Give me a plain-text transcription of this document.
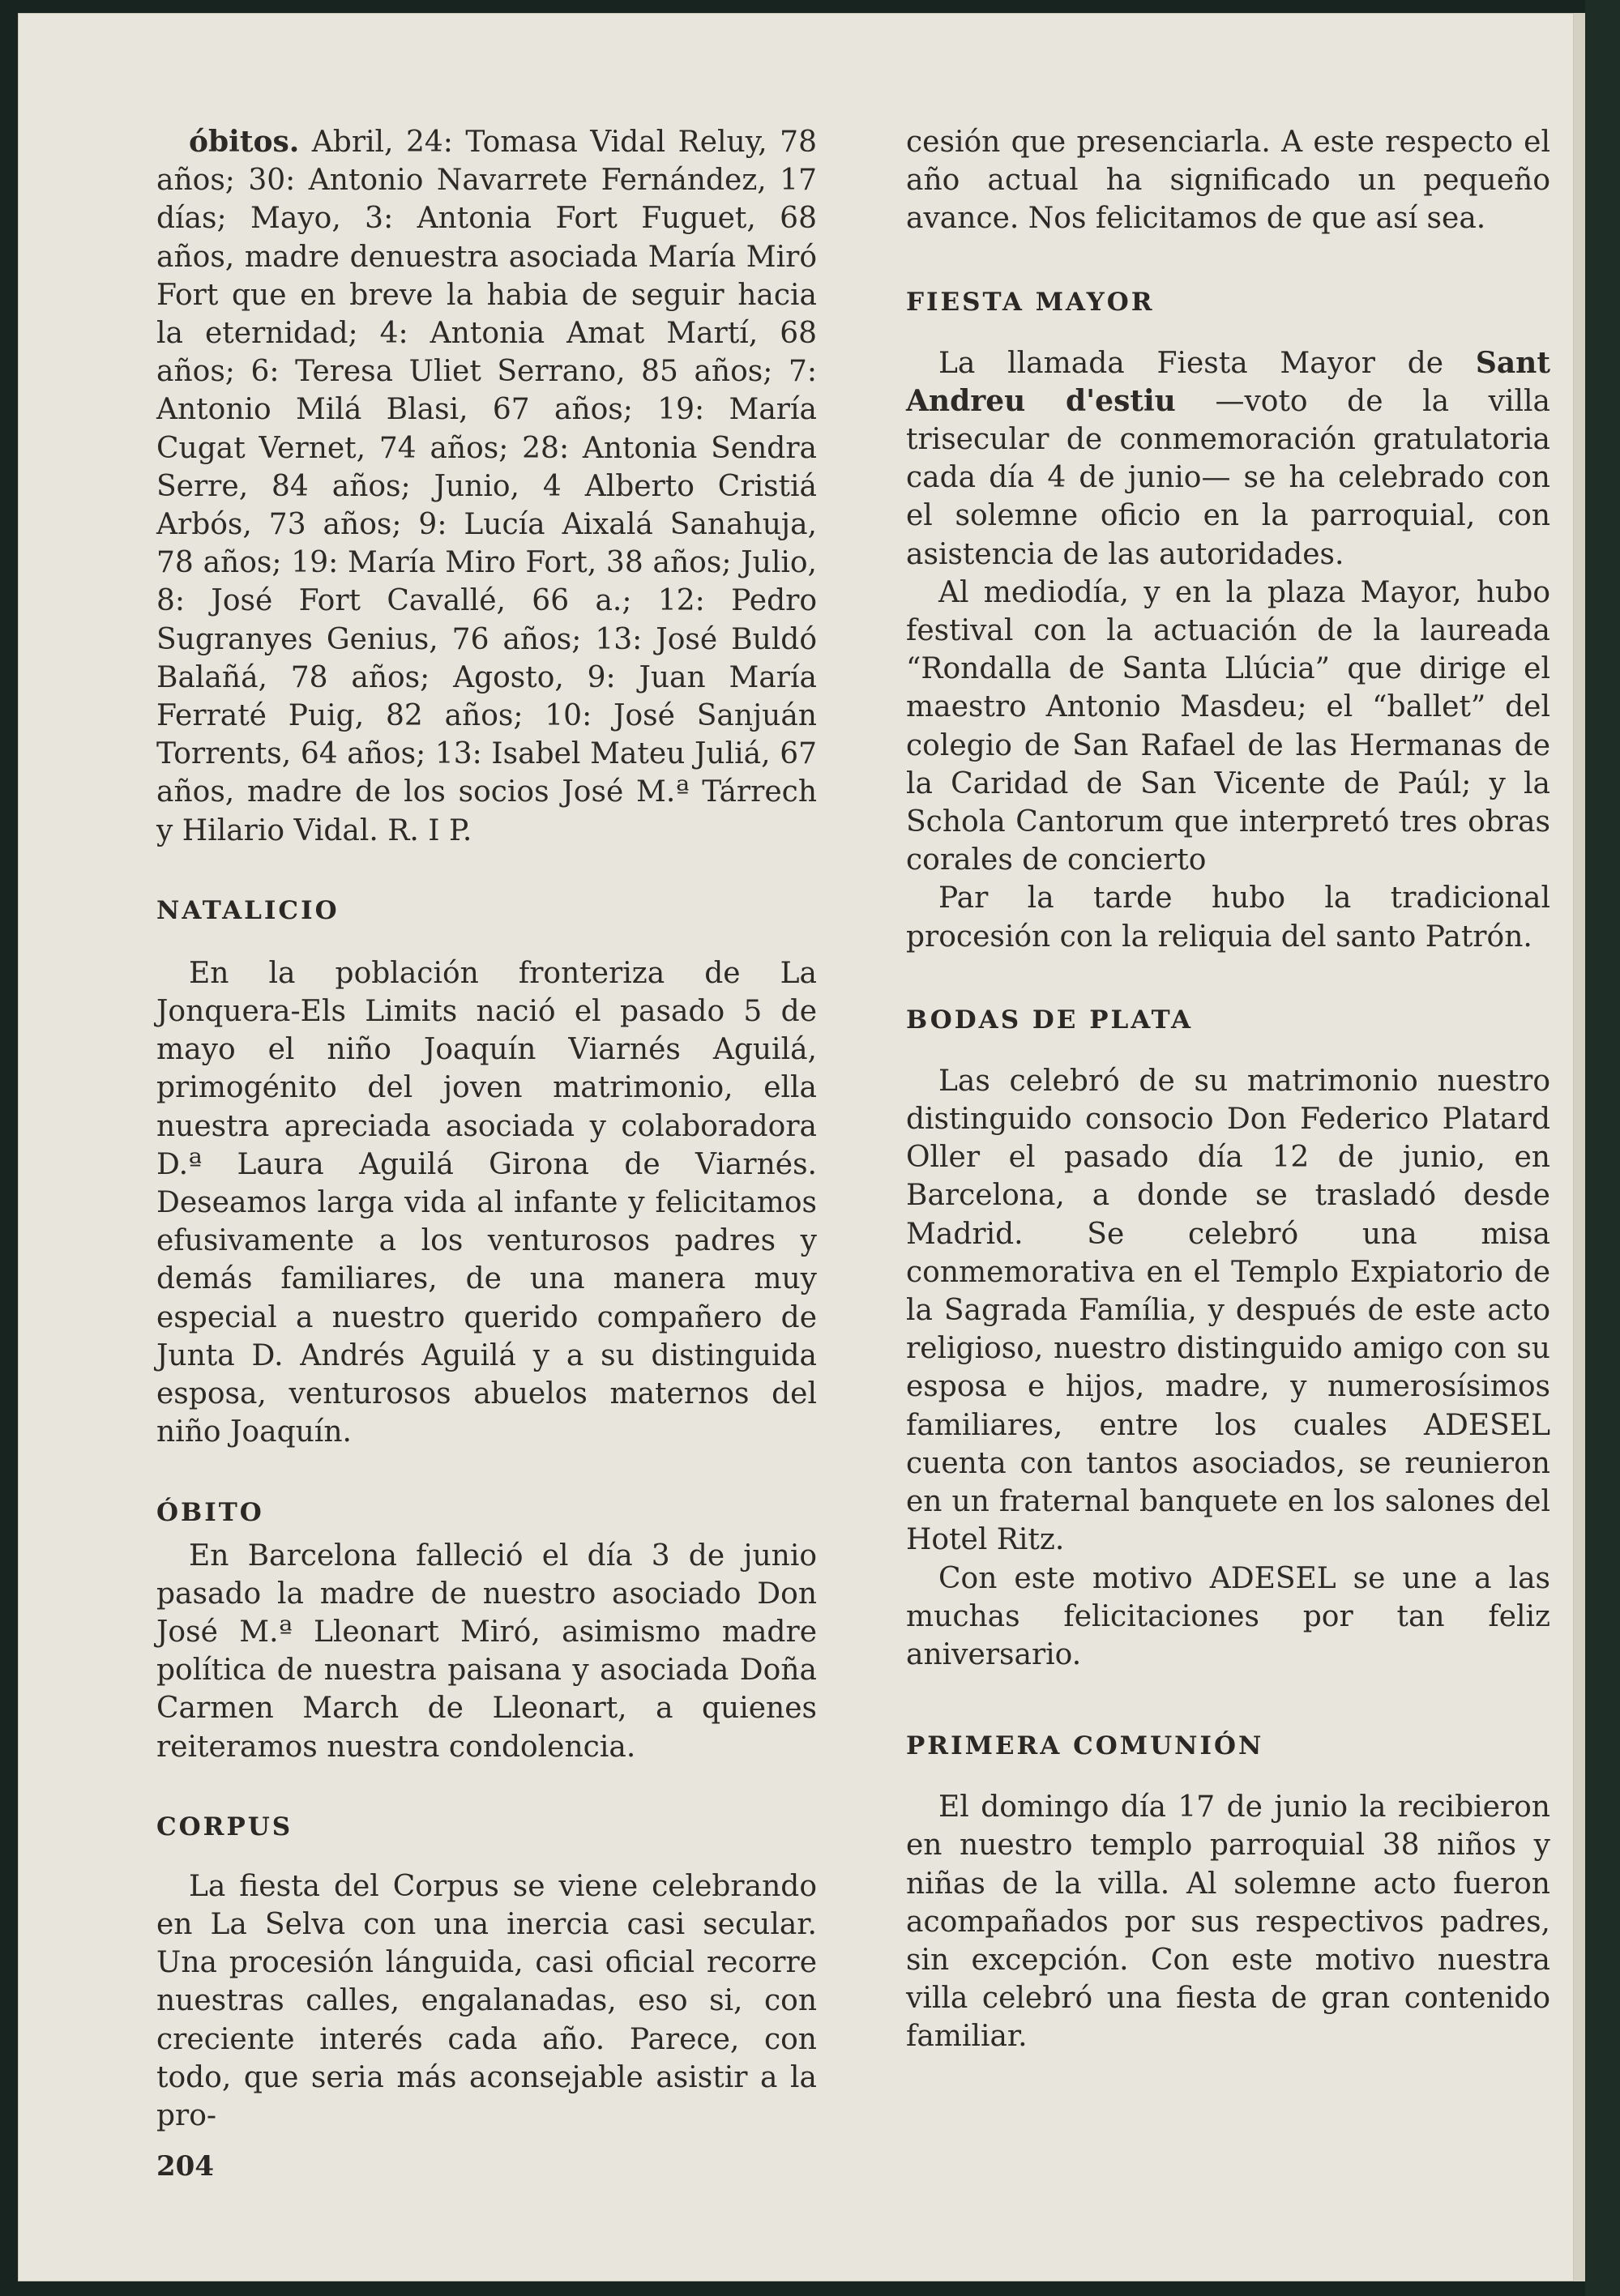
óbitos. Abril, 24: Tomasa Vidal Reluy, 78 años; 30: Antonio Navarrete Fernández, 17 días; Mayo, 3: Antonia Fort Fuguet, 68 años, madre denuestra asociada María Miró Fort que en breve la habia de seguir hacia la eternidad; 4: Antonia Amat Martí, 68 años; 6: Teresa Uliet Serrano, 85 años; 7: Antonio Milá Blasi, 67 años; 19: María Cugat Vernet, 74 años; 28: Antonia Sendra Serre, 84 años; Junio, 4 Alberto Cristiá Arbós, 73 años; 9: Lucía Aixalá Sanahuja, 78 años; 19: María Miro Fort, 38 años; Julio, 8: José Fort Cavallé, 66 a.; 12: Pedro Sugranyes Genius, 76 años; 13: José Buldó Balañá, 78 años; Agosto, 9: Juan María Ferraté Puig, 82 años; 10: José Sanjuán Torrents, 64 años; 13: Isabel Mateu Juliá, 67 años, madre de los socios José M.ª Tárrech y Hilario Vidal. R. I P.

NATALICIO

En la población fronteriza de La Jonquera-Els Limits nació el pasado 5 de mayo el niño Joaquín Viarnés Aguilá, primogénito del joven matrimonio, ella nuestra apreciada asociada y colaboradora D.ª Laura Aguilá Girona de Viarnés. Deseamos larga vida al infante y felicitamos efusivamente a los venturosos padres y demás familiares, de una manera muy especial a nuestro querido compañero de Junta D. Andrés Aguilá y a su distinguida esposa, venturosos abuelos maternos del niño Joaquín.

ÓBITO

En Barcelona falleció el día 3 de junio pasado la madre de nuestro asociado Don José M.ª Lleonart Miró, asimismo madre política de nuestra paisana y asociada Doña Carmen March de Lleonart, a quienes reiteramos nuestra condolencia.

CORPUS

La fiesta del Corpus se viene celebrando en La Selva con una inercia casi secular. Una procesión lánguida, casi oficial recorre nuestras calles, engalanadas, eso si, con creciente interés cada año. Parece, con todo, que seria más aconsejable asistir a la pro-

cesión que presenciarla. A este respecto el año actual ha significado un pequeño avance. Nos felicitamos de que así sea.

FIESTA MAYOR

La llamada Fiesta Mayor de Sant Andreu d'estiu —voto de la villa trisecular de conmemoración gratulatoria cada día 4 de junio— se ha celebrado con el solemne oficio en la parroquial, con asistencia de las autoridades.

Al mediodía, y en la plaza Mayor, hubo festival con la actuación de la laureada “Rondalla de Santa Llúcia” que dirige el maestro Antonio Masdeu; el “ballet” del colegio de San Rafael de las Hermanas de la Caridad de San Vicente de Paúl; y la Schola Cantorum que interpretó tres obras corales de concierto

Par la tarde hubo la tradicional procesión con la reliquia del santo Patrón.

BODAS DE PLATA

Las celebró de su matrimonio nuestro distinguido consocio Don Federico Platard Oller el pasado día 12 de junio, en Barcelona, a donde se trasladó desde Madrid. Se celebró una misa conmemorativa en el Templo Expiatorio de la Sagrada Família, y después de este acto religioso, nuestro distinguido amigo con su esposa e hijos, madre, y numerosísimos familiares, entre los cuales ADESEL cuenta con tantos asociados, se reunieron en un fraternal banquete en los salones del Hotel Ritz.

Con este motivo ADESEL se une a las muchas felicitaciones por tan feliz aniversario.

PRIMERA COMUNIÓN

El domingo día 17 de junio la recibieron en nuestro templo parroquial 38 niños y niñas de la villa. Al solemne acto fueron acompañados por sus respectivos padres, sin excepción. Con este motivo nuestra villa celebró una fiesta de gran contenido familiar.

204
